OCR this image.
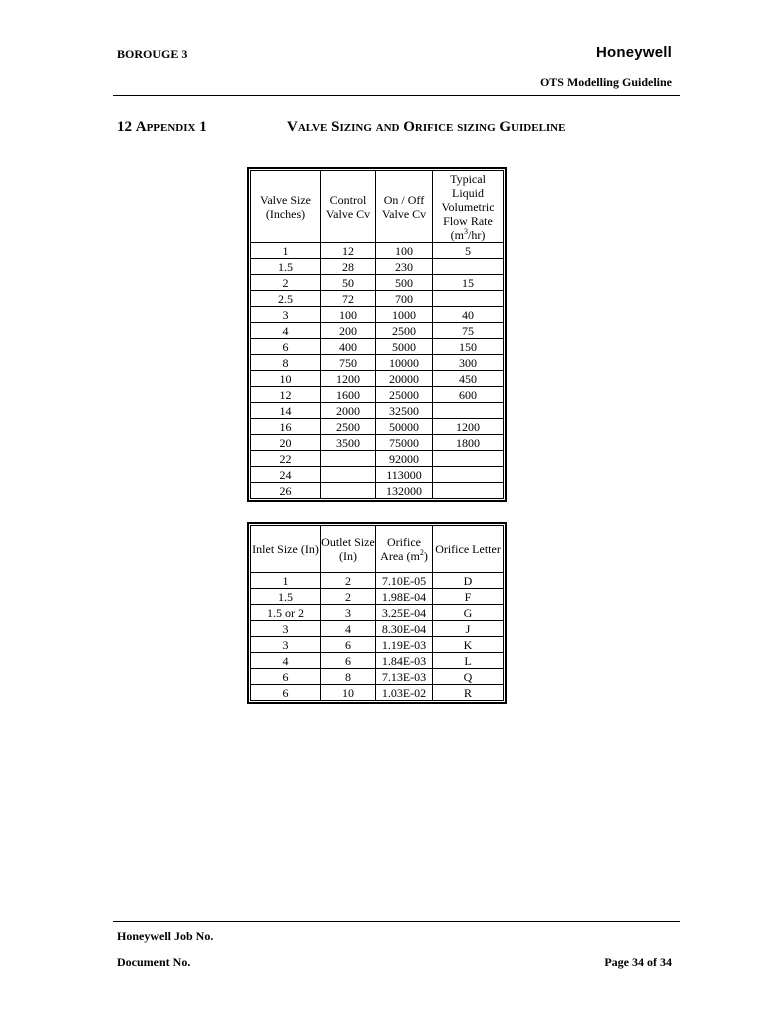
BOROUGE 3	Honeywell
OTS Modelling Guideline
12 Appendix 1	Valve Sizing and Orifice sizing Guideline
Valve Size (Inches)	Control Valve Cv	On / Off Valve Cv	Typical Liquid Volumetric Flow Rate $(m^3/hr)$
1	12	100	5
1.5	28	230	
2	50	500	15
2.5	72	700	
3	100	1000	40
4	200	2500	75
6	400	5000	150
8	750	10000	300
10	1200	20000	450
12	1600	25000	600
14	2000	32500	
16	2500	50000	1200
20	3500	75000	1800
22		92000	
24		113000	
26		132000	
Inlet Size (In)	Outlet Size (In)	Orifice Area $(m^2)$	Orifice Letter
1	2	7.10E-05	D
1.5	2	1.98E-04	F
1.5 or 2	3	3.25E-04	G
3	4	8.30E-04	J
3	6	1.19E-03	K
4	6	1.84E-03	L
6	8	7.13E-03	Q
6	10	1.03E-02	R
Honeywell Job No.
Document No.	Page 34 of 34
